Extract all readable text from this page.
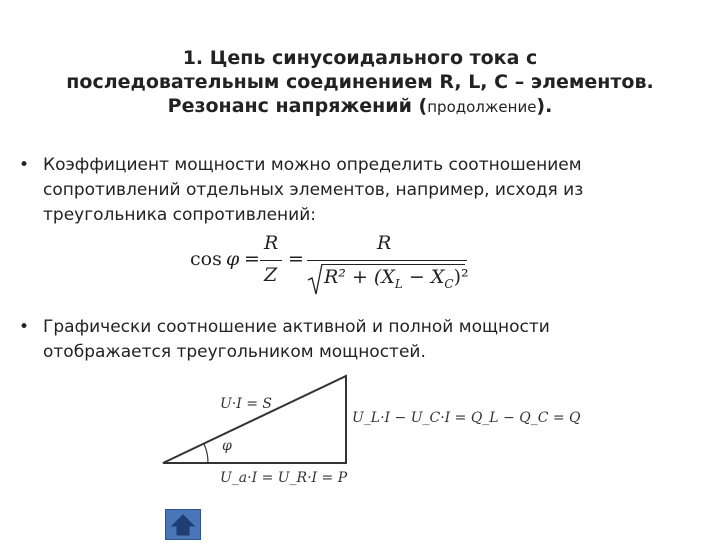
1. Цепь синусоидального тока с
последовательным соединением R, L, C – элементов.
Резонанс напряжений (продолжение).
• Коэффициент мощности можно определить соотношением
сопротивлений отдельных элементов, например, исходя из
треугольника сопротивлений:
cos φ =
R
Z
=
R
$R^2 + (X_L - X_C)^2$
• Графически соотношение активной и полной мощности
отображается треугольником мощностей.
U·I = S
U_L·I − U_C·I = Q_L − Q_C = Q
φ
U_a·I = U_R·I = P
